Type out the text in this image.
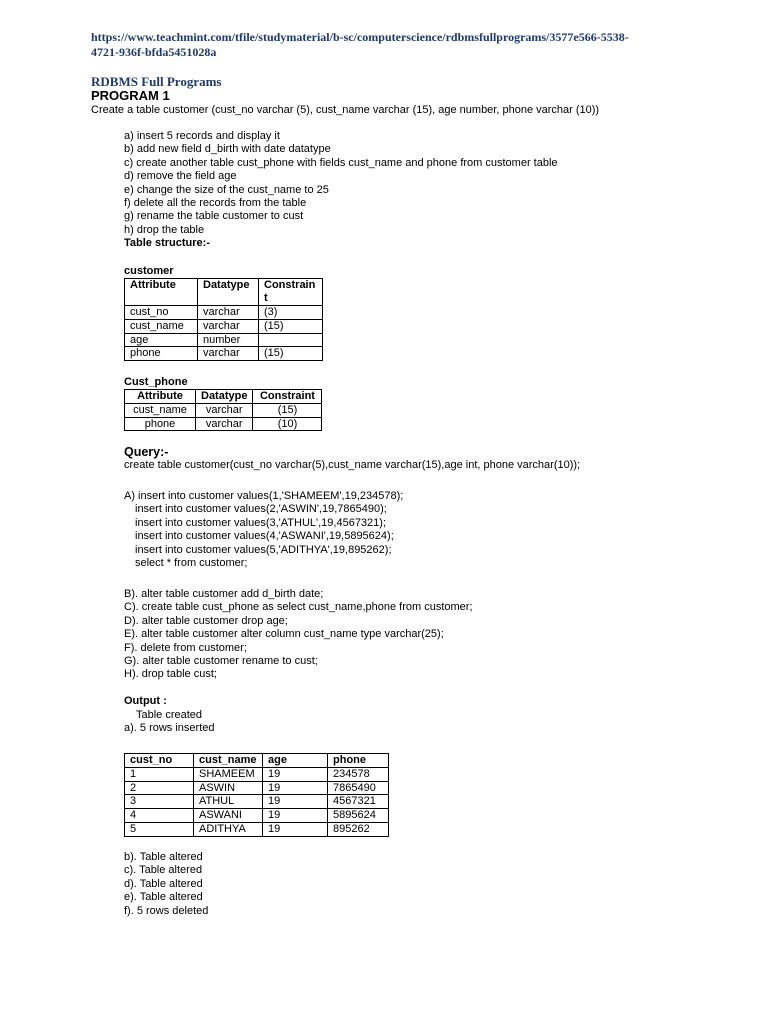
https://www.teachmint.com/tfile/studymaterial/b-sc/computerscience/rdbmsfullprograms/3577e566-5538-
4721-936f-bfda5451028a
RDBMS Full Programs
PROGRAM 1
Create a table customer (cust_no varchar (5), cust_name varchar (15), age number, phone varchar (10))
a) insert 5 records and display it
b) add new field d_birth with date datatype
c) create another table cust_phone with fields cust_name and phone from customer table
d) remove the field age
e) change the size of the cust_name to 25
f) delete all the records from the table
g) rename the table customer to cust
h) drop the table
Table structure:-
customer
Attribute	Datatype	Constrain t
cust_no	varchar	(3)
cust_name	varchar	(15)
age	number	
phone	varchar	(15)
Cust_phone
Attribute	Datatype	Constraint
cust_name	varchar	(15)
phone	varchar	(10)
Query:-
create table customer(cust_no varchar(5),cust_name varchar(15),age int, phone varchar(10));
A) insert into customer values(1,'SHAMEEM',19,234578);
insert into customer values(2,'ASWIN',19,7865490);
insert into customer values(3,'ATHUL',19,4567321);
insert into customer values(4,'ASWANI',19,5895624);
insert into customer values(5,'ADITHYA',19,895262);
select * from customer;
B). alter table customer add d_birth date;
C). create table cust_phone as select cust_name,phone from customer;
D). alter table customer drop age;
E). alter table customer alter column cust_name type varchar(25);
F). delete from customer;
G). alter table customer rename to cust;
H). drop table cust;
Output :
Table created
a). 5 rows inserted
cust_no	cust_name	age	phone
1	SHAMEEM	19	234578
2	ASWIN	19	7865490
3	ATHUL	19	4567321
4	ASWANI	19	5895624
5	ADITHYA	19	895262
b). Table altered
c). Table altered
d). Table altered
e). Table altered
f). 5 rows deleted
